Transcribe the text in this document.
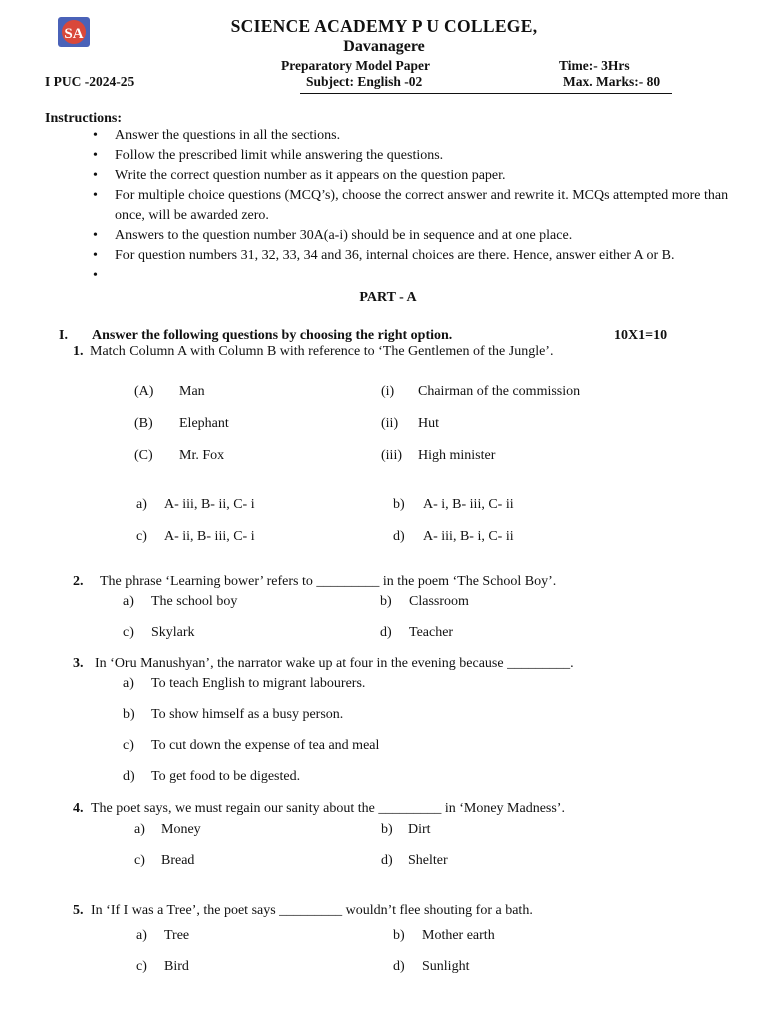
SA	SCIENCE ACADEMY P U COLLEGE,
Davanagere
Preparatory Model Paper	Time:- 3Hrs
I PUC -2024-25	Subject: English -02	Max. Marks:- 80
Instructions:
• Answer the questions in all the sections.
• Follow the prescribed limit while answering the questions.
• Write the correct question number as it appears on the question paper.
• For multiple choice questions (MCQ’s), choose the correct answer and rewrite it. MCQs attempted more than once, will be awarded zero.
• Answers to the question number 30A(a-i) should be in sequence and at one place.
• For question numbers 31, 32, 33, 34 and 36, internal choices are there. Hence, answer either A or B.
•
PART - A
I. Answer the following questions by choosing the right option.	10X1=10
1. Match Column A with Column B with reference to ‘The Gentlemen of the Jungle’.
(A) Man	(i) Chairman of the commission
(B) Elephant	(ii) Hut
(C) Mr. Fox	(iii) High minister
a) A- iii, B- ii, C- i	b) A- i, B- iii, C- ii
c) A- ii, B- iii, C- i	d) A- iii, B- i, C- ii
2. The phrase ‘Learning bower’ refers to _________ in the poem ‘The School Boy’.
a) The school boy	b) Classroom
c) Skylark	d) Teacher
3. In ‘Oru Manushyan’, the narrator wake up at four in the evening because _________.
a) To teach English to migrant labourers.
b) To show himself as a busy person.
c) To cut down the expense of tea and meal
d) To get food to be digested.
4. The poet says, we must regain our sanity about the _________ in ‘Money Madness’.
a) Money	b) Dirt
c) Bread	d) Shelter
5. In ‘If I was a Tree’, the poet says _________ wouldn’t flee shouting for a bath.
a) Tree	b) Mother earth
c) Bird	d) Sunlight
